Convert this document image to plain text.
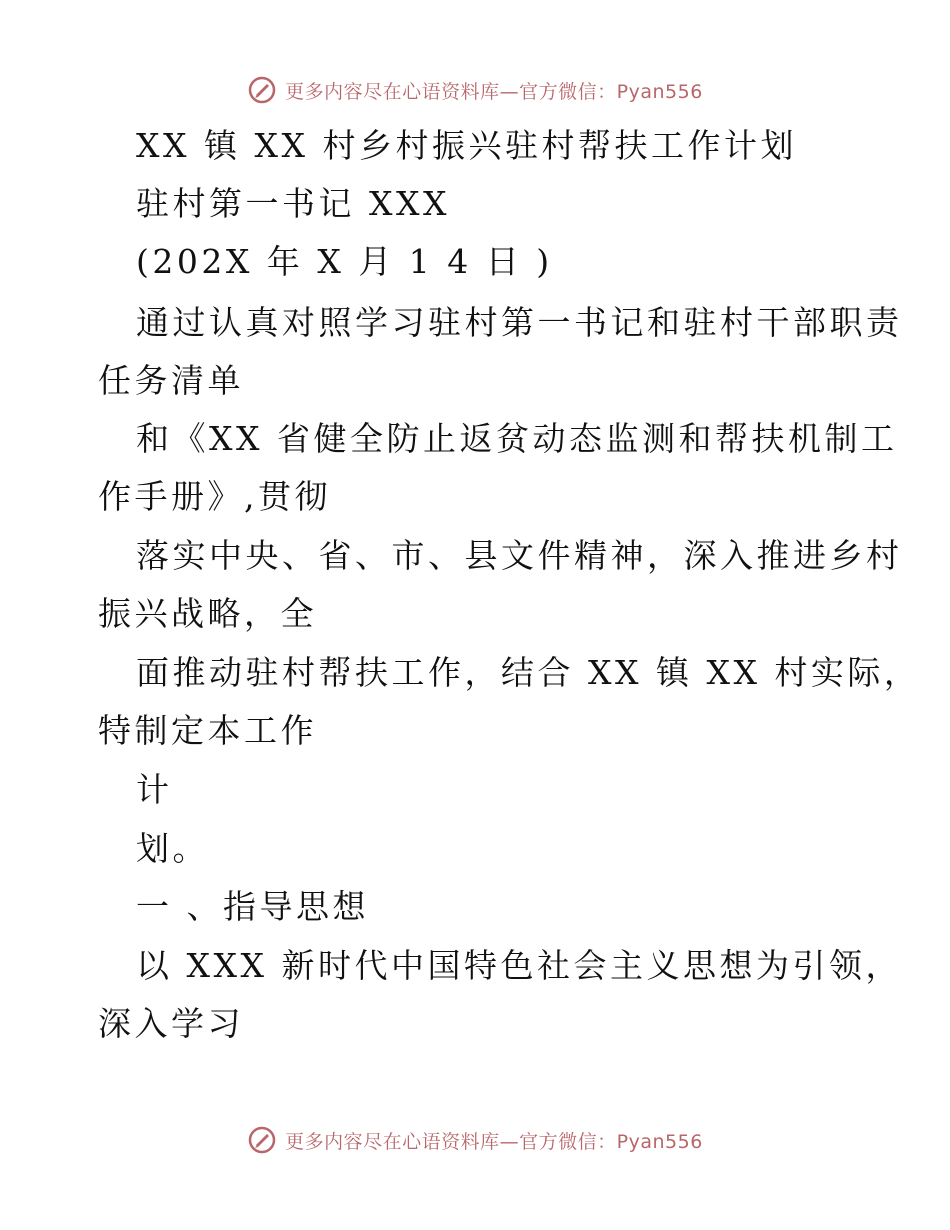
更多内容尽在心语资料库—官方微信：Pyan556
XX 镇 XX 村乡村振兴驻村帮扶工作计划
驻村第一书记 XXX
(202X 年 X 月 1 4 日 )
通过认真对照学习驻村第一书记和驻村干部职责
任务清单
和《XX 省健全防止返贫动态监测和帮扶机制工
作手册》,贯彻
落实中央、省、市、县文件精神，深入推进乡村
振兴战略，全
面推动驻村帮扶工作，结合 XX 镇 XX 村实际，
特制定本工作
计
划。
一 、指导思想
以 XXX 新时代中国特色社会主义思想为引领，
深入学习
更多内容尽在心语资料库—官方微信：Pyan556
